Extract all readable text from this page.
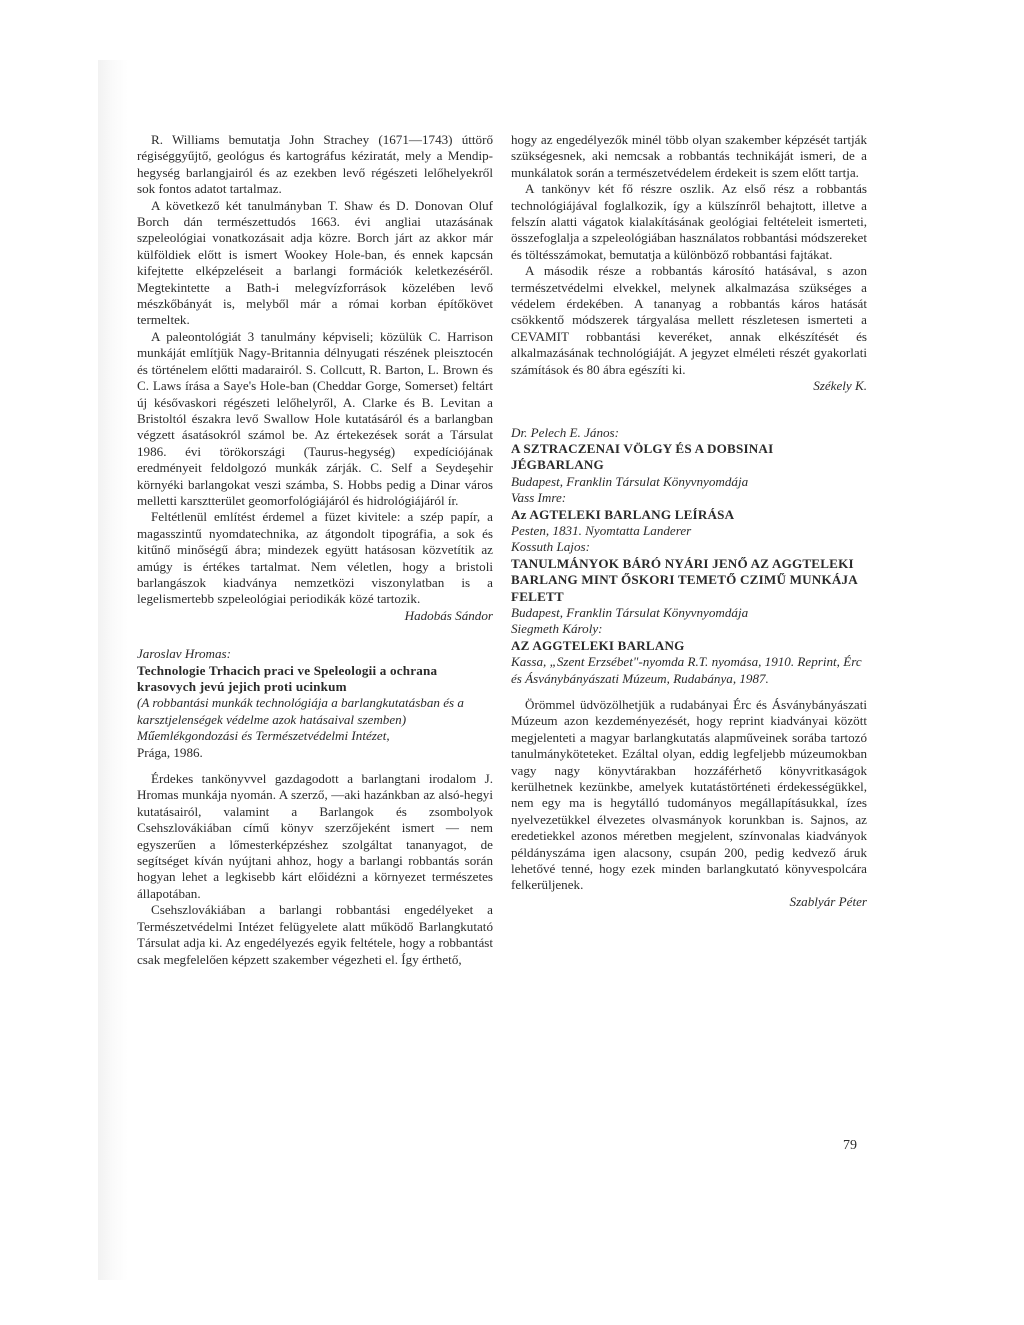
R. Williams bemutatja John Strachey (1671—1743) úttörő régiséggyűjtő, geológus és kartográfus kéziratát, mely a Mendip-hegység barlangjairól és az ezekben levő régészeti lelőhelyekről sok fontos adatot tartalmaz.

A következő két tanulmányban T. Shaw és D. Donovan Oluf Borch dán természettudós 1663. évi angliai utazásának szpeleológiai vonatkozásait adja közre. Borch járt az akkor már külföldiek előtt is ismert Wookey Hole-ban, és ennek kapcsán kifejtette elképzeléseit a barlangi formációk keletkezéséről. Megtekintette a Bath-i melegvízforrások közelében levő mészkőbányát is, melyből már a római korban építőkövet termeltek.

A paleontológiát 3 tanulmány képviseli; közülük C. Harrison munkáját említjük Nagy-Britannia délnyugati részének pleisztocén és történelem előtti madarairól. S. Collcutt, R. Barton, L. Brown és C. Laws írása a Saye's Hole-ban (Cheddar Gorge, Somerset) feltárt új késővaskori régészeti lelőhelyről, A. Clarke és B. Levitan a Bristoltól északra levő Swallow Hole kutatásáról és a barlangban végzett ásatásokról számol be. Az értekezések sorát a Társulat 1986. évi törökországi (Taurus-hegység) expedíciójának eredményeit feldolgozó munkák zárják. C. Self a Seydeşehir környéki barlangokat veszi számba, S. Hobbs pedig a Dinar város melletti karsztterület geomorfológiájáról és hidrológiájáról ír.

Feltétlenül említést érdemel a füzet kivitele: a szép papír, a magasszintű nyomdatechnika, az átgondolt tipográfia, a sok és kitűnő minőségű ábra; mindezek együtt hatásosan közvetítik az amúgy is értékes tartalmat. Nem véletlen, hogy a bristoli barlangászok kiadványa nemzetközi viszonylatban is a legelismertebb szpeleológiai periodikák közé tartozik.

Hadobás Sándor

Jaroslav Hromas:

Technologie Trhacich praci ve Speleologii a ochrana krasovych jevú jejich proti ucinkum

(A robbantási munkák technológiája a barlangkutatásban és a karsztjelenségek védelme azok hatásaival szemben)

Műemlékgondozási és Természetvédelmi Intézet,

Prága, 1986.

Érdekes tankönyvvel gazdagodott a barlangtani irodalom J. Hromas munkája nyomán. A szerző, —aki hazánkban az alsó-hegyi kutatásairól, valamint a Barlangok és zsombolyok Csehszlovákiában című könyv szerzőjeként ismert — nem egyszerűen a lőmesterképzéshez szolgáltat tananyagot, de segítséget kíván nyújtani ahhoz, hogy a barlangi robbantás során hogyan lehet a legkisebb kárt előidézni a környezet természetes állapotában.

Csehszlovákiában a barlangi robbantási engedélyeket a Természetvédelmi Intézet felügyelete alatt működő Barlangkutató Társulat adja ki. Az engedélyezés egyik feltétele, hogy a robbantást csak megfelelően képzett szakember végezheti el. Így érthető,

hogy az engedélyezők minél több olyan szakember képzését tartják szükségesnek, aki nemcsak a robbantás technikáját ismeri, de a munkálatok során a természetvédelem érdekeit is szem előtt tartja.

A tankönyv két fő részre oszlik. Az első rész a robbantás technológiájával foglalkozik, így a külszínről behajtott, illetve a felszín alatti vágatok kialakításának geológiai feltételeit ismerteti, összefoglalja a szpeleológiában használatos robbantási módszereket és töltésszámokat, bemutatja a különböző robbantási fajtákat.

A második része a robbantás károsító hatásával, s azon természetvédelmi elvekkel, melynek alkalmazása szükséges a védelem érdekében. A tananyag a robbantás káros hatását csökkentő módszerek tárgyalása mellett részletesen ismerteti a CEVAMIT robbantási keveréket, annak elkészítését és alkalmazásának technológiáját. A jegyzet elméleti részét gyakorlati számítások és 80 ábra egészíti ki.

Székely K.

Dr. Pelech E. János:

A SZTRACZENAI VÖLGY ÉS A DOBSINAI JÉGBARLANG

Budapest, Franklin Társulat Könyvnyomdája

Vass Imre:

Az AGTELEKI BARLANG LEÍRÁSA

Pesten, 1831. Nyomtatta Landerer

Kossuth Lajos:

TANULMÁNYOK BÁRÓ NYÁRI JENŐ AZ AGGTELEKI BARLANG MINT ŐSKORI TEMETŐ CZIMŰ MUNKÁJA FELETT

Budapest, Franklin Társulat Könyvnyomdája

Siegmeth Károly:

AZ AGGTELEKI BARLANG

Kassa, „Szent Erzsébet"-nyomda R.T. nyomása, 1910. Reprint, Érc és Ásványbányászati Múzeum, Rudabánya, 1987.

Örömmel üdvözölhetjük a rudabányai Érc és Ásványbányászati Múzeum azon kezdeményezését, hogy reprint kiadványai között megjelenteti a magyar barlangkutatás alapműveinek sorába tartozó tanulmányköteteket. Ezáltal olyan, eddig legfeljebb múzeumokban vagy nagy könyvtárakban hozzáférhető könyvritkaságok kerülhetnek kezünkbe, amelyek kutatástörténeti érdekességükkel, nem egy ma is hegytálló tudományos megállapításukkal, ízes nyelvezetükkel élvezetes olvasmányok korunkban is. Sajnos, az eredetiekkel azonos méretben megjelent, színvonalas kiadványok példányszáma igen alacsony, csupán 200, pedig kedvező áruk lehetővé tenné, hogy ezek minden barlangkutató könyvespolcára felkerüljenek.

Szablyár Péter

79
